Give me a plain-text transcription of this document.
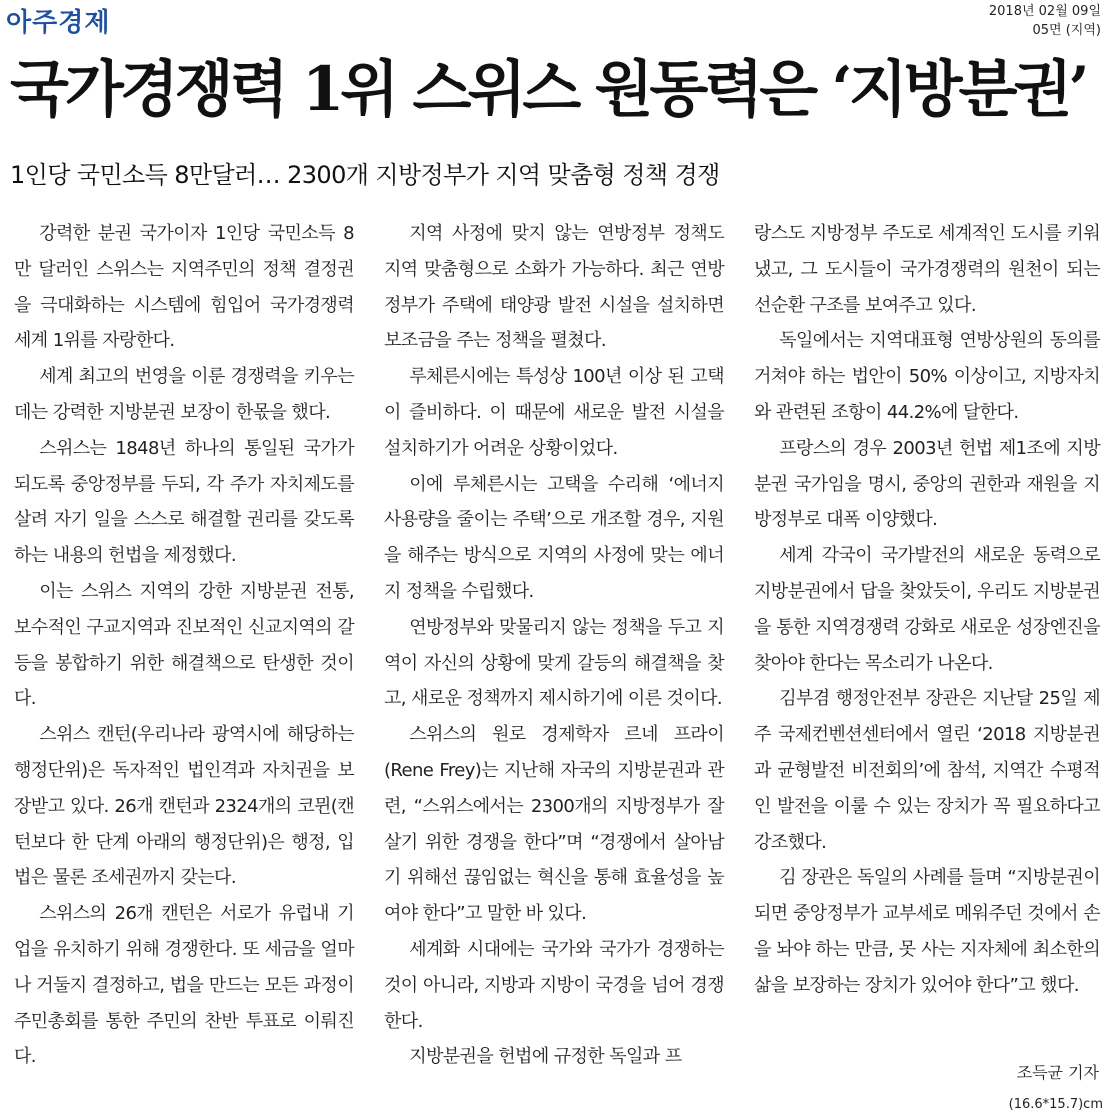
아주경제	2018년 02월 09일
05면 (지역)
국가경쟁력 1위 스위스 원동력은 ‘지방분권’
1인당 국민소득 8만달러… 2300개 지방정부가 지역 맞춤형 정책 경쟁

강력한 분권 국가이자 1인당 국민소득 8만 달러인 스위스는 지역주민의 정책 결정권을 극대화하는 시스템에 힘입어 국가경쟁력 세계 1위를 자랑한다.

세계 최고의 번영을 이룬 경쟁력을 키우는데는 강력한 지방분권 보장이 한몫을 했다.

스위스는 1848년 하나의 통일된 국가가 되도록 중앙정부를 두되, 각 주가 자치제도를 살려 자기 일을 스스로 해결할 권리를 갖도록 하는 내용의 헌법을 제정했다.

이는 스위스 지역의 강한 지방분권 전통, 보수적인 구교지역과 진보적인 신교지역의 갈등을 봉합하기 위한 해결책으로 탄생한 것이다.

스위스 캔턴(우리나라 광역시에 해당하는 행정단위)은 독자적인 법인격과 자치권을 보장받고 있다. 26개 캔턴과 2324개의 코뮌(캔턴보다 한 단계 아래의 행정단위)은 행정, 입법은 물론 조세권까지 갖는다.

스위스의 26개 캔턴은 서로가 유럽내 기업을 유치하기 위해 경쟁한다. 또 세금을 얼마나 거둘지 결정하고, 법을 만드는 모든 과정이 주민총회를 통한 주민의 찬반 투표로 이뤄진다.

지역 사정에 맞지 않는 연방정부 정책도 지역 맞춤형으로 소화가 가능하다. 최근 연방정부가 주택에 태양광 발전 시설을 설치하면 보조금을 주는 정책을 펼쳤다.

루체른시에는 특성상 100년 이상 된 고택이 즐비하다. 이 때문에 새로운 발전 시설을 설치하기가 어려운 상황이었다.

이에 루체른시는 고택을 수리해 ‘에너지 사용량을 줄이는 주택’으로 개조할 경우, 지원을 해주는 방식으로 지역의 사정에 맞는 에너지 정책을 수립했다.

연방정부와 맞물리지 않는 정책을 두고 지역이 자신의 상황에 맞게 갈등의 해결책을 찾고, 새로운 정책까지 제시하기에 이른 것이다.

스위스의 원로 경제학자 르네 프라이(Rene Frey)는 지난해 자국의 지방분권과 관련, “스위스에서는 2300개의 지방정부가 잘살기 위한 경쟁을 한다”며 “경쟁에서 살아남기 위해선 끊임없는 혁신을 통해 효율성을 높여야 한다”고 말한 바 있다.

세계화 시대에는 국가와 국가가 경쟁하는 것이 아니라, 지방과 지방이 국경을 넘어 경쟁한다.

지방분권을 헌법에 규정한 독일과 프

랑스도 지방정부 주도로 세계적인 도시를 키워냈고, 그 도시들이 국가경쟁력의 원천이 되는 선순환 구조를 보여주고 있다.

독일에서는 지역대표형 연방상원의 동의를 거쳐야 하는 법안이 50% 이상이고, 지방자치와 관련된 조항이 44.2%에 달한다.

프랑스의 경우 2003년 헌법 제1조에 지방분권 국가임을 명시, 중앙의 권한과 재원을 지방정부로 대폭 이양했다.

세계 각국이 국가발전의 새로운 동력으로 지방분권에서 답을 찾았듯이, 우리도 지방분권을 통한 지역경쟁력 강화로 새로운 성장엔진을 찾아야 한다는 목소리가 나온다.

김부겸 행정안전부 장관은 지난달 25일 제주 국제컨벤션센터에서 열린 ‘2018 지방분권과 균형발전 비전회의’에 참석, 지역간 수평적인 발전을 이룰 수 있는 장치가 꼭 필요하다고 강조했다.

김 장관은 독일의 사례를 들며 “지방분권이 되면 중앙정부가 교부세로 메워주던 것에서 손을 놔야 하는 만큼, 못 사는 지자체에 최소한의 삶을 보장하는 장치가 있어야 한다”고 했다.

조득균 기자
(16.6*15.7)cm
